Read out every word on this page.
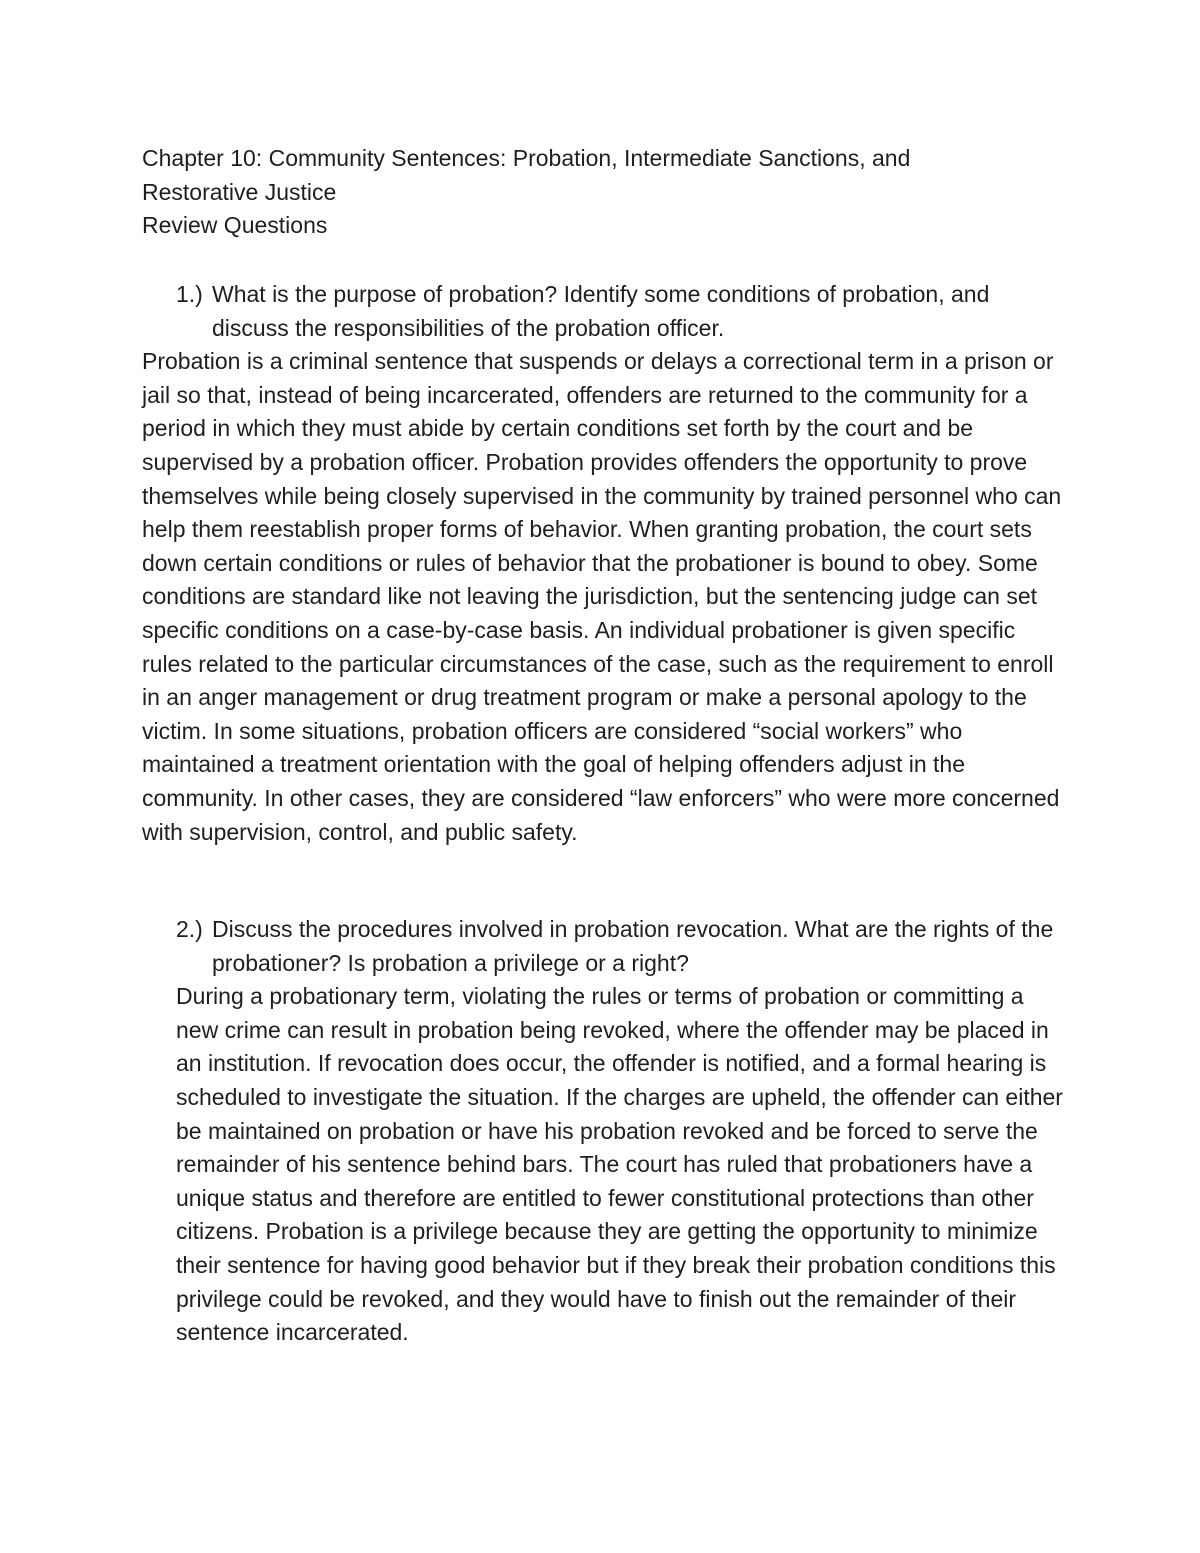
Chapter 10: Community Sentences: Probation, Intermediate Sanctions, and
Restorative Justice
Review Questions
1.) What is the purpose of probation? Identify some conditions of probation, and discuss the responsibilities of the probation officer.
Probation is a criminal sentence that suspends or delays a correctional term in a prison or jail so that, instead of being incarcerated, offenders are returned to the community for a period in which they must abide by certain conditions set forth by the court and be supervised by a probation officer. Probation provides offenders the opportunity to prove themselves while being closely supervised in the community by trained personnel who can help them reestablish proper forms of behavior. When granting probation, the court sets down certain conditions or rules of behavior that the probationer is bound to obey. Some conditions are standard like not leaving the jurisdiction, but the sentencing judge can set specific conditions on a case-by-case basis. An individual probationer is given specific rules related to the particular circumstances of the case, such as the requirement to enroll in an anger management or drug treatment program or make a personal apology to the victim. In some situations, probation officers are considered “social workers” who maintained a treatment orientation with the goal of helping offenders adjust in the community. In other cases, they are considered “law enforcers” who were more concerned with supervision, control, and public safety.
2.) Discuss the procedures involved in probation revocation. What are the rights of the probationer? Is probation a privilege or a right?
During a probationary term, violating the rules or terms of probation or committing a new crime can result in probation being revoked, where the offender may be placed in an institution. If revocation does occur, the offender is notified, and a formal hearing is scheduled to investigate the situation. If the charges are upheld, the offender can either be maintained on probation or have his probation revoked and be forced to serve the remainder of his sentence behind bars. The court has ruled that probationers have a unique status and therefore are entitled to fewer constitutional protections than other citizens. Probation is a privilege because they are getting the opportunity to minimize their sentence for having good behavior but if they break their probation conditions this privilege could be revoked, and they would have to finish out the remainder of their sentence incarcerated.
